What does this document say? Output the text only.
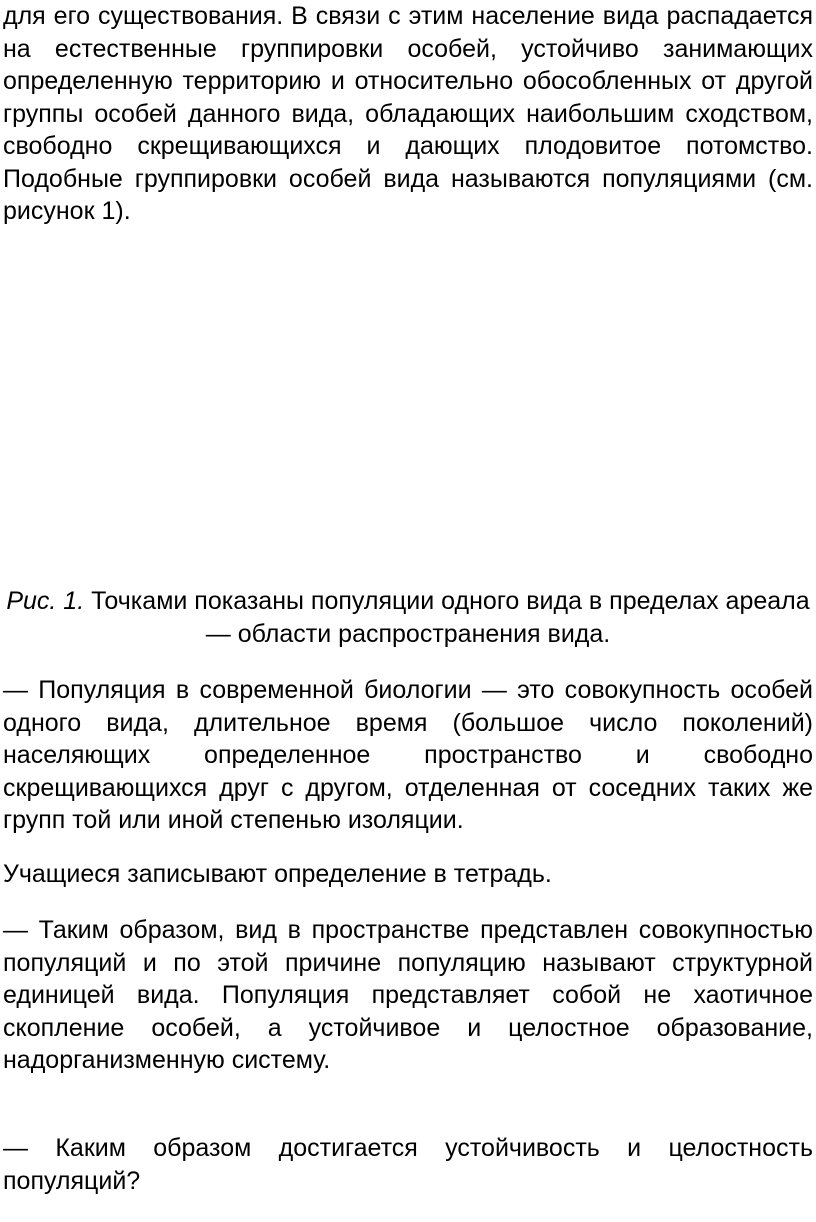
для его существования. В связи с этим население вида распадается на естественные группировки особей, устойчиво занимающих определенную территорию и относительно обособленных от другой группы особей данного вида, обладающих наибольшим сходством, свободно скрещивающихся и дающих плодовитое потомство. Подобные группировки особей вида называются популяциями (см. рисунок 1).

Рис. 1. Точками показаны популяции одного вида в пределах ареала — области распространения вида.

— Популяция в современной биологии — это совокупность особей одного вида, длительное время (большое число поколений) населяющих определенное пространство и свободно скрещивающихся друг с другом, отделенная от соседних таких же групп той или иной степенью изоляции.

Учащиеся записывают определение в тетрадь.

— Таким образом, вид в пространстве представлен совокупностью популяций и по этой причине популяцию называют структурной единицей вида. Популяция представляет собой не хаотичное скопление особей, а устойчивое и целостное образование, надорганизменную систему.

— Каким образом достигается устойчивость и целостность популяций?
